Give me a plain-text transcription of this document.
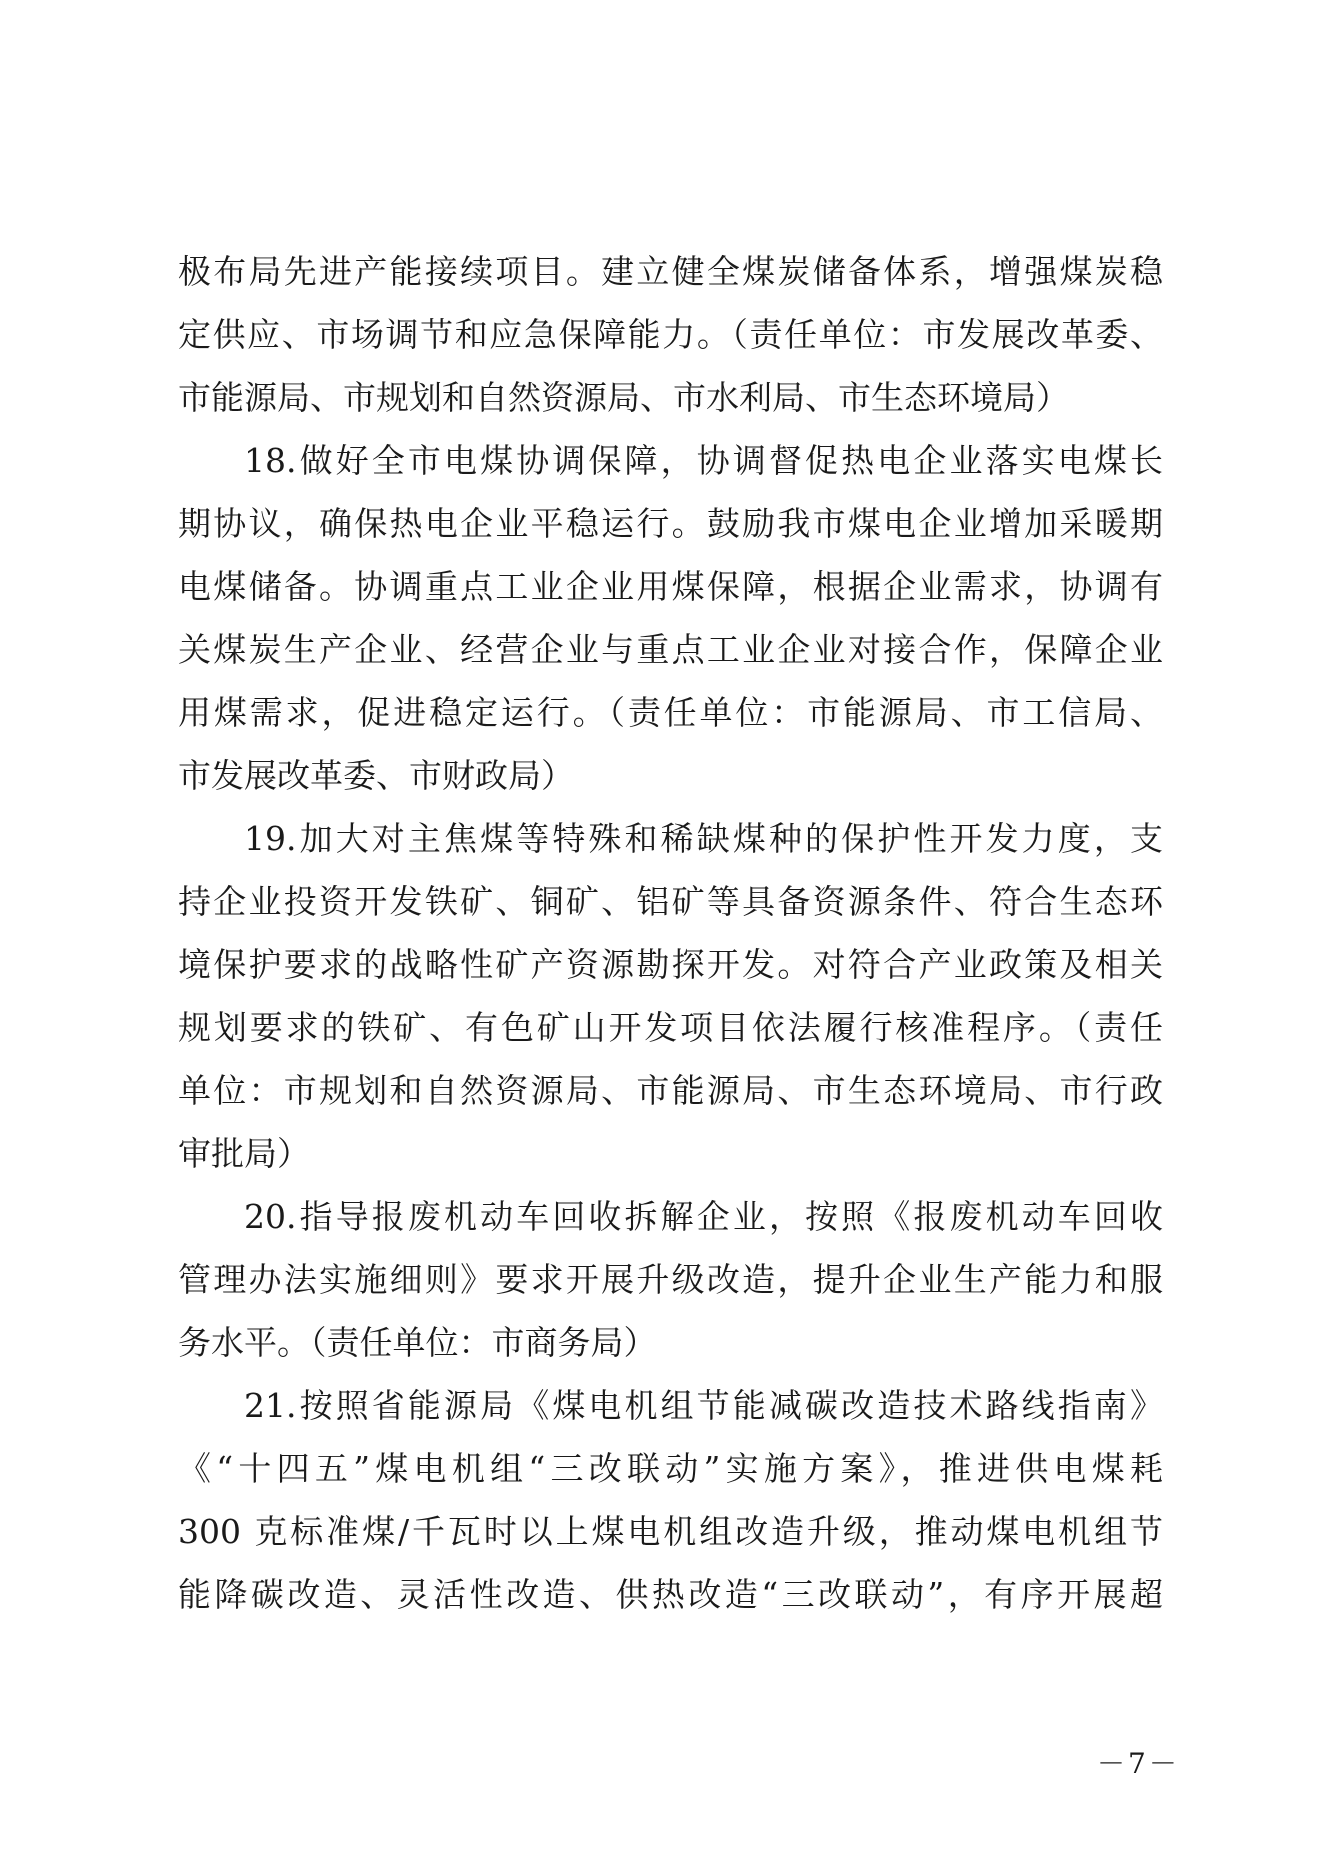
极布局先进产能接续项目。建立健全煤炭储备体系，增强煤炭稳
定供应、市场调节和应急保障能力。（责任单位：市发展改革委、
市能源局、市规划和自然资源局、市水利局、市生态环境局）
18.做好全市电煤协调保障，协调督促热电企业落实电煤长
期协议，确保热电企业平稳运行。鼓励我市煤电企业增加采暖期
电煤储备。协调重点工业企业用煤保障，根据企业需求，协调有
关煤炭生产企业、经营企业与重点工业企业对接合作，保障企业
用煤需求，促进稳定运行。（责任单位：市能源局、市工信局、
市发展改革委、市财政局）
19.加大对主焦煤等特殊和稀缺煤种的保护性开发力度，支
持企业投资开发铁矿、铜矿、铝矿等具备资源条件、符合生态环
境保护要求的战略性矿产资源勘探开发。对符合产业政策及相关
规划要求的铁矿、有色矿山开发项目依法履行核准程序。（责任
单位：市规划和自然资源局、市能源局、市生态环境局、市行政
审批局）
20.指导报废机动车回收拆解企业，按照《报废机动车回收
管理办法实施细则》要求开展升级改造，提升企业生产能力和服
务水平。（责任单位：市商务局）
21.按照省能源局《煤电机组节能减碳改造技术路线指南》
《“十四五”煤电机组“三改联动”实施方案》，推进供电煤耗
300 克标准煤/千瓦时以上煤电机组改造升级，推动煤电机组节
能降碳改造、灵活性改造、供热改造“三改联动”，有序开展超
－7－
